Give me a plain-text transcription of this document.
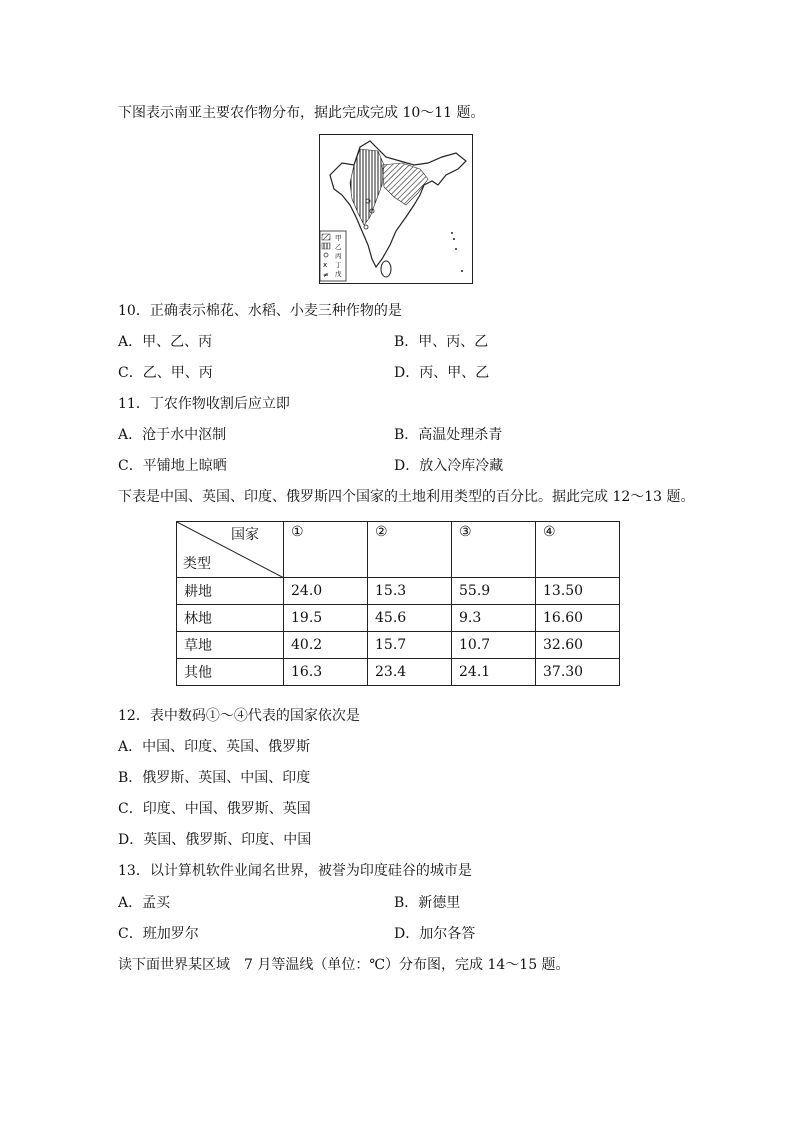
下图表示南亚主要农作物分布，据此完成完成 10～11 题。
x
≠
甲
乙
丙
丁
戊
10．正确表示棉花、水稻、小麦三种作物的是
A．甲、乙、丙	B．甲、丙、乙
C．乙、甲、丙	D．丙、甲、乙
11．丁农作物收割后应立即
A．沧于水中沤制	B．高温处理杀青
C．平铺地上晾晒	D．放入冷库冷藏
下表是中国、英国、印度、俄罗斯四个国家的土地利用类型的百分比。据此完成 12～13 题。
国家
类型	①	②	③	④
耕地	24.0	15.3	55.9	13.50
林地	19.5	45.6	9.3	16.60
草地	40.2	15.7	10.7	32.60
其他	16.3	23.4	24.1	37.30
12．表中数码①～④代表的国家依次是
A．中国、印度、英国、俄罗斯
B．俄罗斯、英国、中国、印度
C．印度、中国、俄罗斯、英国
D．英国、俄罗斯、印度、中国
13．以计算机软件业闻名世界，被誉为印度硅谷的城市是
A．孟买	B．新德里
C．班加罗尔	D．加尔各答
读下面世界某区域　7 月等温线（单位：℃）分布图，完成 14～15 题。
